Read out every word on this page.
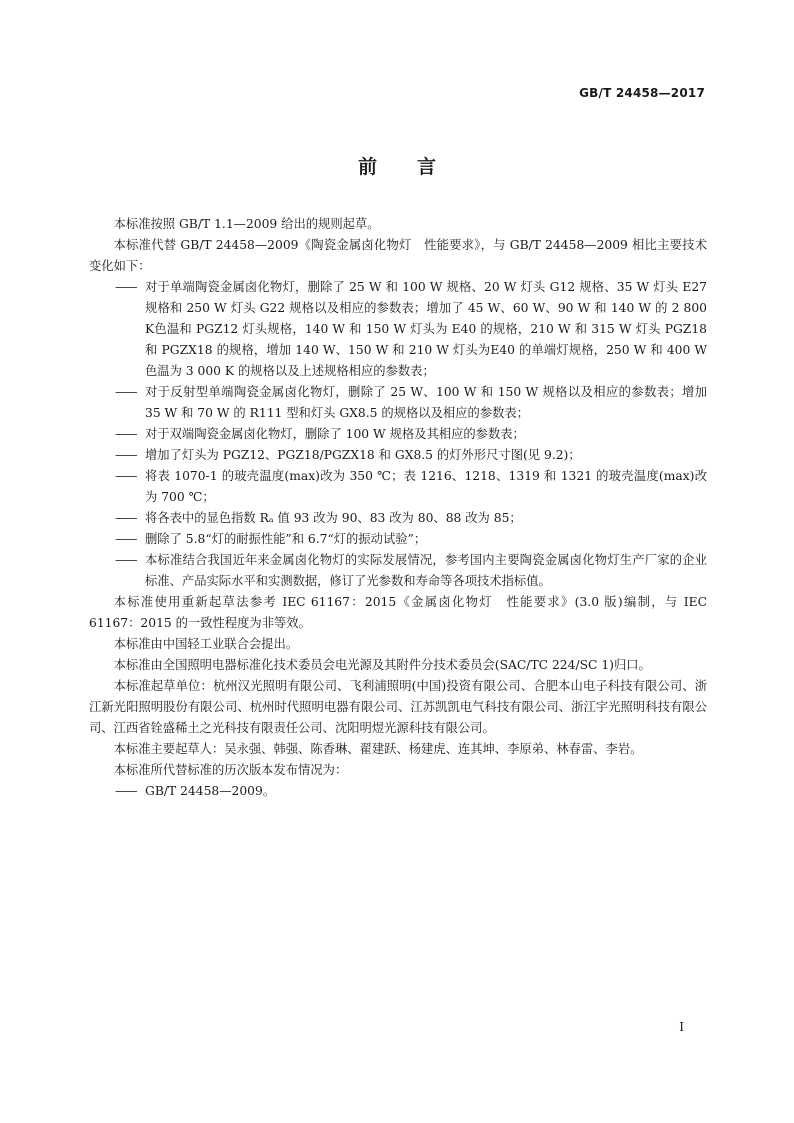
GB/T 24458—2017
前言

本标准按照 GB/T 1.1—2009 给出的规则起草。

本标准代替 GB/T 24458—2009《陶瓷金属卤化物灯　性能要求》，与 GB/T 24458—2009 相比主要技术变化如下：

—— 对于单端陶瓷金属卤化物灯，删除了 25 W 和 100 W 规格、20 W 灯头 G12 规格、35 W 灯头 E27 规格和 250 W 灯头 G22 规格以及相应的参数表；增加了 45 W、60 W、90 W 和 140 W 的 2 800 K色温和 PGZ12 灯头规格，140 W 和 150 W 灯头为 E40 的规格，210 W 和 315 W 灯头 PGZ18 和 PGZX18 的规格，增加 140 W、150 W 和 210 W 灯头为E40 的单端灯规格，250 W 和 400 W 色温为 3 000 K 的规格以及上述规格相应的参数表；

—— 对于反射型单端陶瓷金属卤化物灯，删除了 25 W、100 W 和 150 W 规格以及相应的参数表；增加 35 W 和 70 W 的 R111 型和灯头 GX8.5 的规格以及相应的参数表；

—— 对于双端陶瓷金属卤化物灯，删除了 100 W 规格及其相应的参数表；

—— 增加了灯头为 PGZ12、PGZ18/PGZX18 和 GX8.5 的灯外形尺寸图(见 9.2)；

—— 将表 1070-1 的玻壳温度(max)改为 350 ℃；表 1216、1218、1319 和 1321 的玻壳温度(max)改为 700 ℃；

—— 将各表中的显色指数 Rₐ 值 93 改为 90、83 改为 80、88 改为 85；

—— 删除了 5.8“灯的耐振性能”和 6.7“灯的振动试验”；

—— 本标准结合我国近年来金属卤化物灯的实际发展情况，参考国内主要陶瓷金属卤化物灯生产厂家的企业标准、产品实际水平和实测数据，修订了光参数和寿命等各项技术指标值。

本标准使用重新起草法参考 IEC 61167：2015《金属卤化物灯　性能要求》(3.0 版)编制，与 IEC 61167：2015 的一致性程度为非等效。

本标准由中国轻工业联合会提出。

本标准由全国照明电器标准化技术委员会电光源及其附件分技术委员会(SAC/TC 224/SC 1)归口。

本标准起草单位：杭州汉光照明有限公司、飞利浦照明(中国)投资有限公司、合肥本山电子科技有限公司、浙江新光阳照明股份有限公司、杭州时代照明电器有限公司、江苏凯凯电气科技有限公司、浙江宇光照明科技有限公司、江西省铨盛稀土之光科技有限责任公司、沈阳明煜光源科技有限公司。

本标准主要起草人：吴永强、韩强、陈香琳、翟建跃、杨建虎、连其坤、李原弟、林春雷、李岩。

本标准所代替标准的历次版本发布情况为：

—— GB/T 24458—2009。

I
